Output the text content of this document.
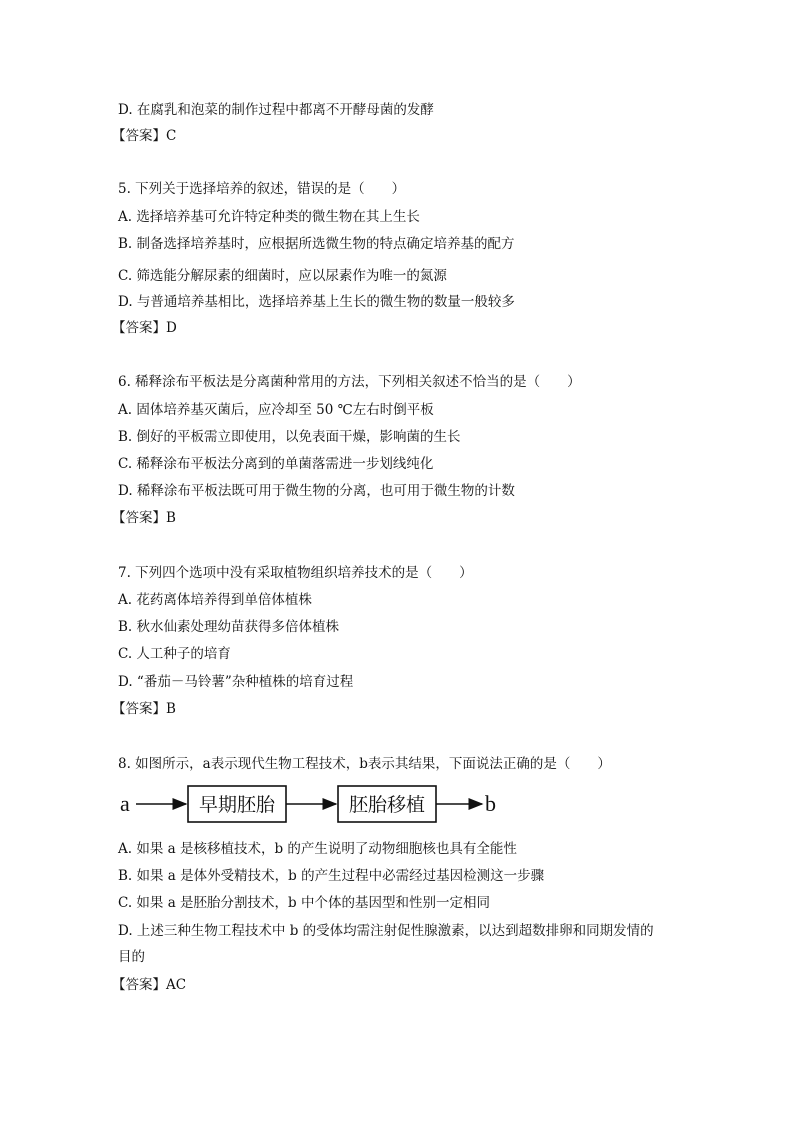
D. 在腐乳和泡菜的制作过程中都离不开酵母菌的发酵
【答案】C
5. 下列关于选择培养的叙述，错误的是（　　）
A. 选择培养基可允许特定种类的微生物在其上生长
B. 制备选择培养基时，应根据所选微生物的特点确定培养基的配方
C. 筛选能分解尿素的细菌时，应以尿素作为唯一的氮源
D. 与普通培养基相比，选择培养基上生长的微生物的数量一般较多
【答案】D
6. 稀释涂布平板法是分离菌种常用的方法，下列相关叙述不恰当的是（　　）
A. 固体培养基灭菌后，应冷却至 50 ℃左右时倒平板
B. 倒好的平板需立即使用，以免表面干燥，影响菌的生长
C. 稀释涂布平板法分离到的单菌落需进一步划线纯化
D. 稀释涂布平板法既可用于微生物的分离，也可用于微生物的计数
【答案】B
7. 下列四个选项中没有采取植物组织培养技术的是（　　）
A. 花药离体培养得到单倍体植株
B. 秋水仙素处理幼苗获得多倍体植株
C. 人工种子的培育
D. “番茄－马铃薯”杂种植株的培育过程
【答案】B
8. 如图所示，a表示现代生物工程技术，b表示其结果，下面说法正确的是（　　）
a	早期胚胎	胚胎移植	b
A. 如果 a 是核移植技术，b 的产生说明了动物细胞核也具有全能性
B. 如果 a 是体外受精技术，b 的产生过程中必需经过基因检测这一步骤
C. 如果 a 是胚胎分割技术，b 中个体的基因型和性别一定相同
D. 上述三种生物工程技术中 b 的受体均需注射促性腺激素，以达到超数排卵和同期发情的
目的
【答案】AC
